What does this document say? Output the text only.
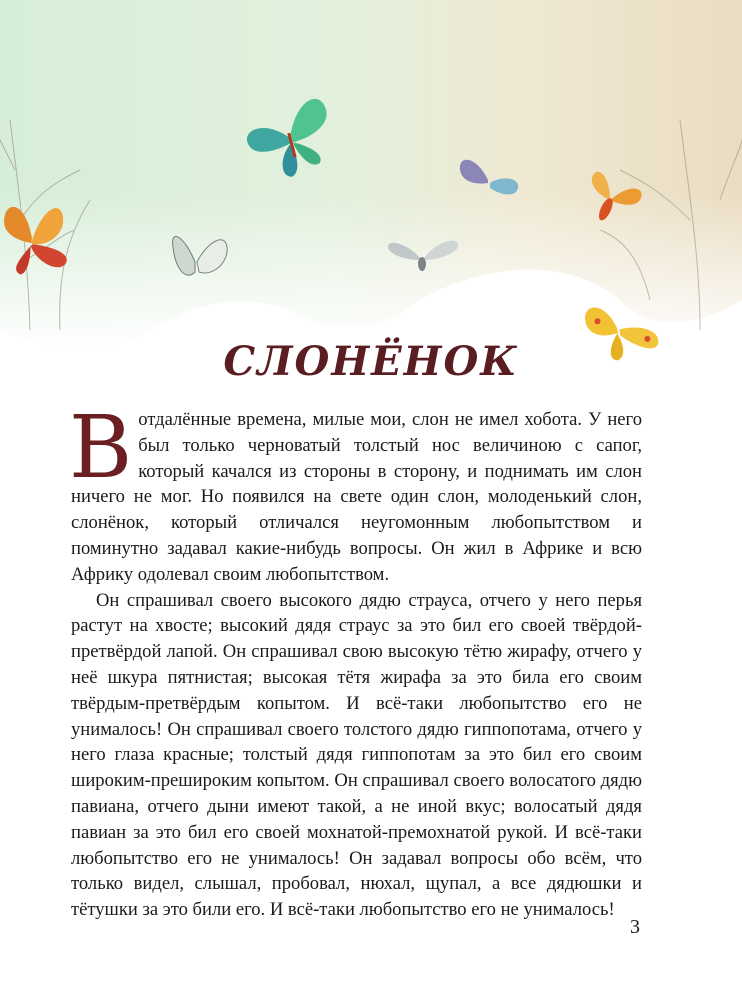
СЛОНЁНОК

В отдалённые времена, милые мои, слон не имел хобота. У него был только черноватый толстый нос величиною с сапог, который качался из стороны в сторону, и поднимать им слон ничего не мог. Но появился на свете один слон, молоденький слон, слонёнок, который отличался неугомонным любопытством и поминутно задавал какие-нибудь вопросы. Он жил в Африке и всю Африку одолевал своим любопытством.

Он спрашивал своего высокого дядю страуса, отчего у него перья растут на хвосте; высокий дядя страус за это бил его своей твёрдой-претвёрдой лапой. Он спрашивал свою высокую тётю жирафу, отчего у неё шкура пятнистая; высокая тётя жирафа за это била его своим твёрдым-претвёрдым копытом. И всё-таки любопытство его не унималось! Он спрашивал своего толстого дядю гиппопотама, отчего у него глаза красные; толстый дядя гиппопотам за это бил его своим широким-прешироким копытом. Он спрашивал своего волосатого дядю павиана, отчего дыни имеют такой, а не иной вкус; волосатый дядя павиан за это бил его своей мохнатой-премохнатой рукой. И всё-таки любопытство его не унималось! Он задавал вопросы обо всём, что только видел, слышал, пробовал, нюхал, щупал, а все дядюшки и тётушки за это били его. И всё-таки любопытство его не унималось!

3
